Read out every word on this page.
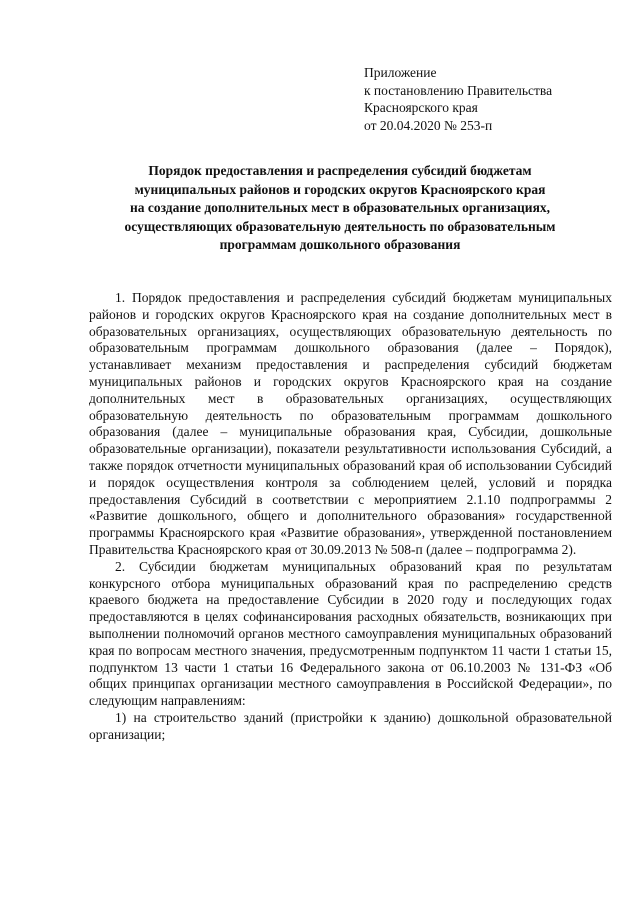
Приложение
к постановлению Правительства
Красноярского края
от 20.04.2020 № 253-п
Порядок предоставления и распределения субсидий бюджетам
муниципальных районов и городских округов Красноярского края
на создание дополнительных мест в образовательных организациях,
осуществляющих образовательную деятельность по образовательным
программам дошкольного образования

1. Порядок предоставления и распределения субсидий бюджетам муниципальных районов и городских округов Красноярского края на создание дополнительных мест в образовательных организациях, осуществляющих образовательную деятельность по образовательным программам дошкольного образования (далее – Порядок), устанавливает механизм предоставления и распределения субсидий бюджетам муниципальных районов и городских округов Красноярского края на создание дополнительных мест в образовательных организациях, осуществляющих образовательную деятельность по образовательным программам дошкольного образования (далее – муниципальные образования края, Субсидии, дошкольные образовательные организации), показатели результативности использования Субсидий, а также порядок отчетности муниципальных образований края об использовании Субсидий и порядок осуществления контроля за соблюдением целей, условий и порядка предоставления Субсидий в соответствии с мероприятием 2.1.10 подпрограммы 2 «Развитие дошкольного, общего и дополнительного образования» государственной программы Красноярского края «Развитие образования», утвержденной постановлением Правительства Красноярского края от 30.09.2013 № 508-п (далее – подпрограмма 2).

2. Субсидии бюджетам муниципальных образований края по результатам конкурсного отбора муниципальных образований края по распределению средств краевого бюджета на предоставление Субсидии в 2020 году и последующих годах предоставляются в целях софинансирования расходных обязательств, возникающих при выполнении полномочий органов местного самоуправления муниципальных образований края по вопросам местного значения, предусмотренным подпунктом 11 части 1 статьи 15, подпунктом 13 части 1 статьи 16 Федерального закона от 06.10.2003 № 131-ФЗ «Об общих принципах организации местного самоуправления в Российской Федерации», по следующим направлениям:

1) на строительство зданий (пристройки к зданию) дошкольной образовательной организации;
